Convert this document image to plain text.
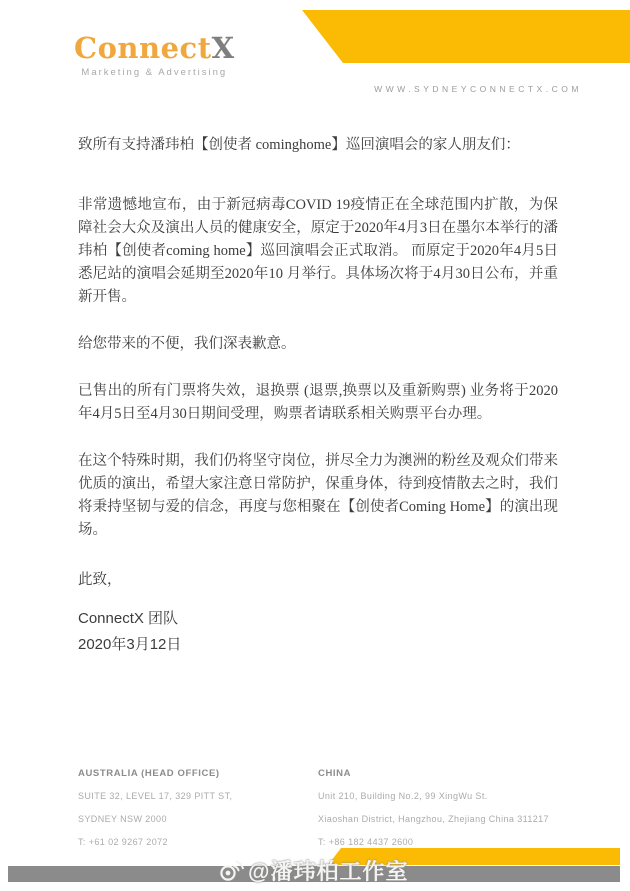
ConnectX
Marketing & Advertising
WWW.SYDNEYCONNECTX.COM

致所有支持潘玮柏【创使者 cominghome】巡回演唱会的家人朋友们：

非常遗憾地宣布，由于新冠病毒COVID 19疫情正在全球范围内扩散，为保障社会大众及演出人员的健康安全，原定于2020年4月3日在墨尔本举行的潘玮柏【创使者coming home】巡回演唱会正式取消。 而原定于2020年4月5日悉尼站的演唱会延期至2020年10 月举行。具体场次将于4月30日公布，并重新开售。

给您带来的不便，我们深表歉意。

已售出的所有门票将失效，退换票 (退票,换票以及重新购票) 业务将于2020年4月5日至4月30日期间受理，购票者请联系相关购票平台办理。

在这个特殊时期，我们仍将坚守岗位，拼尽全力为澳洲的粉丝及观众们带来优质的演出，希望大家注意日常防护，保重身体，待到疫情散去之时，我们将秉持坚韧与爱的信念，再度与您相聚在【创使者Coming Home】的演出现场。

此致，

ConnectX 团队
2020年3月12日
AUSTRALIA (HEAD OFFICE)
SUITE 32, LEVEL 17, 329 PITT ST,
SYDNEY NSW 2000
T: +61 02 9267 2072
CHINA
Unit 210, Building No.2, 99 XingWu St.
Xiaoshan District, Hangzhou, Zhejiang China 311217
T: +86 182 4437 2600
@潘玮柏工作室
